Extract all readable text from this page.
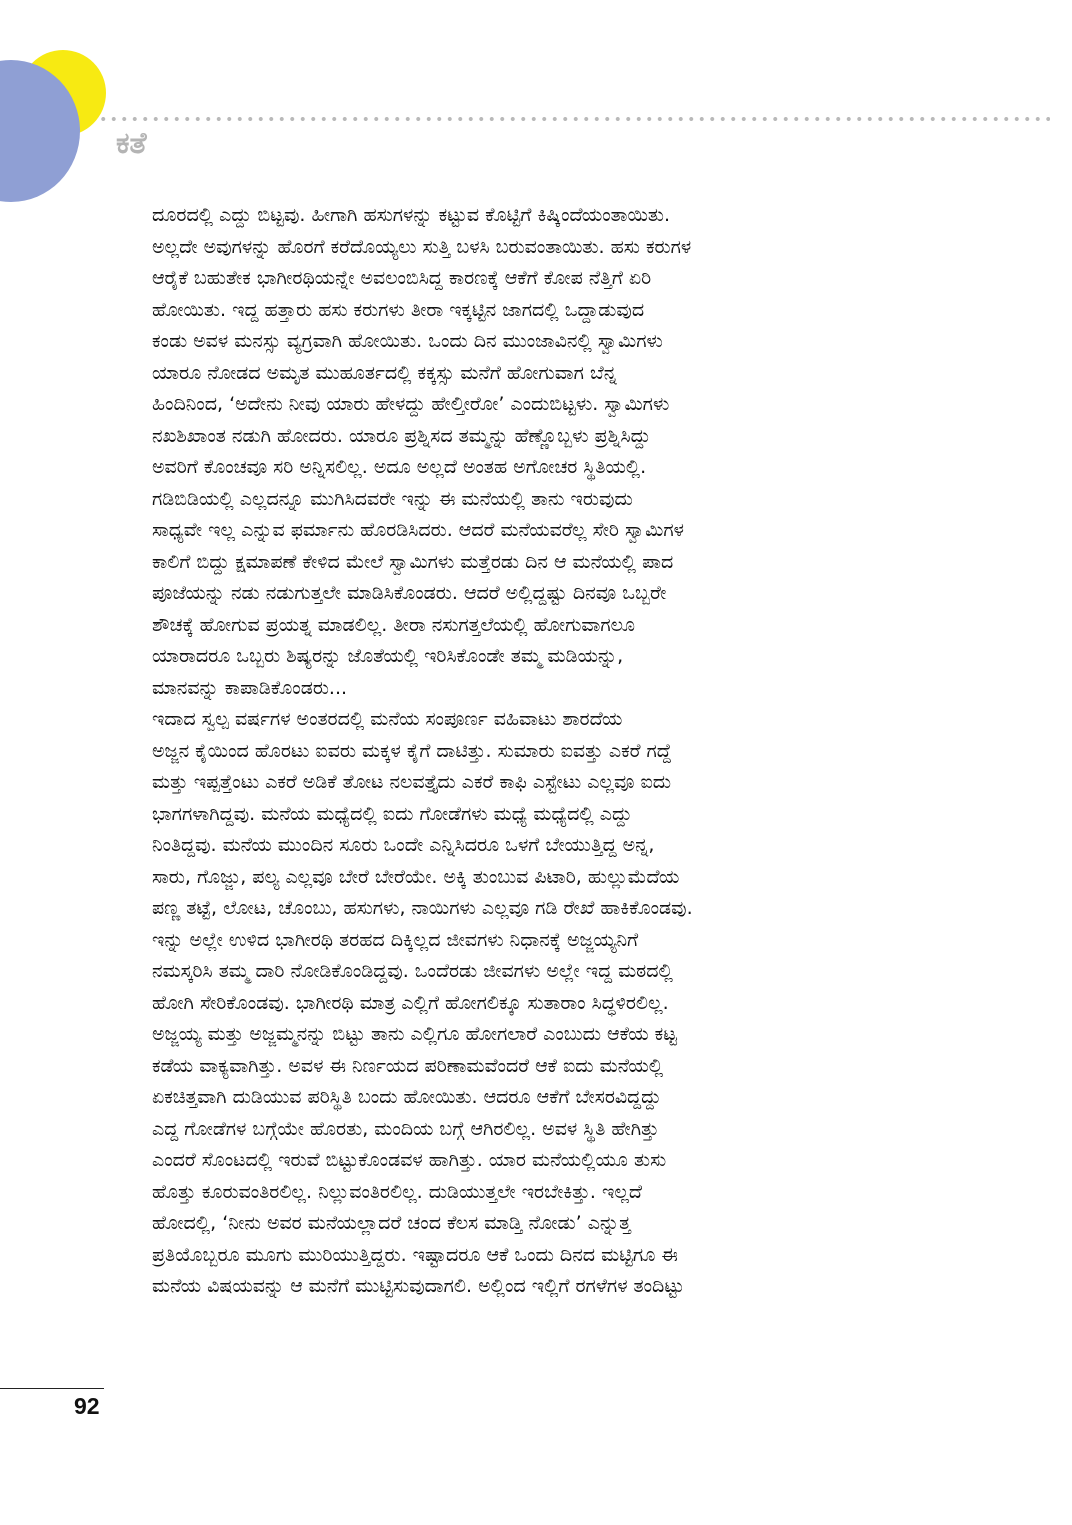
ಕತೆ
ದೂರದಲ್ಲಿ ಎದ್ದು ಬಿಟ್ಟವು. ಹೀಗಾಗಿ ಹಸುಗಳನ್ನು ಕಟ್ಟುವ ಕೊಟ್ಟಿಗೆ ಕಿಷ್ಕಿಂದೆಯಂತಾಯಿತು.
ಅಲ್ಲದೇ ಅವುಗಳನ್ನು ಹೊರಗೆ ಕರೆದೊಯ್ಯಲು ಸುತ್ತಿ ಬಳಸಿ ಬರುವಂತಾಯಿತು. ಹಸು ಕರುಗಳ
ಆರೈಕೆ ಬಹುತೇಕ ಭಾಗೀರಥಿಯನ್ನೇ ಅವಲಂಬಿಸಿದ್ದ ಕಾರಣಕ್ಕೆ ಆಕೆಗೆ ಕೋಪ ನೆತ್ತಿಗೆ ಏರಿ
ಹೋಯಿತು. ಇದ್ದ ಹತ್ತಾರು ಹಸು ಕರುಗಳು ತೀರಾ ಇಕ್ಕಟ್ಟಿನ ಜಾಗದಲ್ಲಿ ಒದ್ದಾಡುವುದ
ಕಂಡು ಅವಳ ಮನಸ್ಸು ವ್ಯಗ್ರವಾಗಿ ಹೋಯಿತು. ಒಂದು ದಿನ ಮುಂಜಾವಿನಲ್ಲಿ ಸ್ವಾಮಿಗಳು
ಯಾರೂ ನೋಡದ ಅಮೃತ ಮುಹೂರ್ತದಲ್ಲಿ ಕಕ್ಕಸ್ಸು ಮನೆಗೆ ಹೋಗುವಾಗ ಬೆನ್ನ
ಹಿಂದಿನಿಂದ, ‘ಅದೇನು ನೀವು ಯಾರು ಹೇಳದ್ದು ಹೇಲ್ತೀರೋ’ ಎಂದುಬಿಟ್ಟಳು. ಸ್ವಾಮಿಗಳು
ನಖಶಿಖಾಂತ ನಡುಗಿ ಹೋದರು. ಯಾರೂ ಪ್ರಶ್ನಿಸದ ತಮ್ಮನ್ನು ಹೆಣ್ಣೊಬ್ಬಳು ಪ್ರಶ್ನಿಸಿದ್ದು
ಅವರಿಗೆ ಕೊಂಚವೂ ಸರಿ ಅನ್ನಿಸಲಿಲ್ಲ. ಅದೂ ಅಲ್ಲದೆ ಅಂತಹ ಅಗೋಚರ ಸ್ಥಿತಿಯಲ್ಲಿ.
ಗಡಿಬಿಡಿಯಲ್ಲಿ ಎಲ್ಲದನ್ನೂ ಮುಗಿಸಿದವರೇ ಇನ್ನು ಈ ಮನೆಯಲ್ಲಿ ತಾನು ಇರುವುದು
ಸಾಧ್ಯವೇ ಇಲ್ಲ ಎನ್ನುವ ಫರ್ಮಾನು ಹೊರಡಿಸಿದರು. ಆದರೆ ಮನೆಯವರೆಲ್ಲ ಸೇರಿ ಸ್ವಾಮಿಗಳ
ಕಾಲಿಗೆ ಬಿದ್ದು ಕ್ಷಮಾಪಣೆ ಕೇಳಿದ ಮೇಲೆ ಸ್ವಾಮಿಗಳು ಮತ್ತೆರಡು ದಿನ ಆ ಮನೆಯಲ್ಲಿ ಪಾದ
ಪೂಜೆಯನ್ನು ನಡು ನಡುಗುತ್ತಲೇ ಮಾಡಿಸಿಕೊಂಡರು. ಆದರೆ ಅಲ್ಲಿದ್ದಷ್ಟು ದಿನವೂ ಒಬ್ಬರೇ
ಶೌಚಕ್ಕೆ ಹೋಗುವ ಪ್ರಯತ್ನ ಮಾಡಲಿಲ್ಲ. ತೀರಾ ನಸುಗತ್ತಲೆಯಲ್ಲಿ ಹೋಗುವಾಗಲೂ
ಯಾರಾದರೂ ಒಬ್ಬರು ಶಿಷ್ಯರನ್ನು ಜೊತೆಯಲ್ಲಿ ಇರಿಸಿಕೊಂಡೇ ತಮ್ಮ ಮಡಿಯನ್ನು,
ಮಾನವನ್ನು ಕಾಪಾಡಿಕೊಂಡರು...
ಇದಾದ ಸ್ವಲ್ಪ ವರ್ಷಗಳ ಅಂತರದಲ್ಲಿ ಮನೆಯ ಸಂಪೂರ್ಣ ವಹಿವಾಟು ಶಾರದೆಯ
ಅಜ್ಜನ ಕೈಯಿಂದ ಹೊರಟು ಐವರು ಮಕ್ಕಳ ಕೈಗೆ ದಾಟಿತ್ತು. ಸುಮಾರು ಐವತ್ತು ಎಕರೆ ಗದ್ದೆ
ಮತ್ತು ಇಪ್ಪತ್ತೆಂಟು ಎಕರೆ ಅಡಿಕೆ ತೋಟ ನಲವತ್ತೈದು ಎಕರೆ ಕಾಫಿ ಎಸ್ಟೇಟು ಎಲ್ಲವೂ ಐದು
ಭಾಗಗಳಾಗಿದ್ದವು. ಮನೆಯ ಮಧ್ಯೆದಲ್ಲಿ ಐದು ಗೋಡೆಗಳು ಮಧ್ಯೆ ಮಧ್ಯೆದಲ್ಲಿ ಎದ್ದು
ನಿಂತಿದ್ದವು. ಮನೆಯ ಮುಂದಿನ ಸೂರು ಒಂದೇ ಎನ್ನಿಸಿದರೂ ಒಳಗೆ ಬೇಯುತ್ತಿದ್ದ ಅನ್ನ,
ಸಾರು, ಗೊಜ್ಜು, ಪಲ್ಯ ಎಲ್ಲವೂ ಬೇರೆ ಬೇರೆಯೇ. ಅಕ್ಕಿ ತುಂಬುವ ಪಿಟಾರಿ, ಹುಲ್ಲುಮೆದೆಯ
ಪಣ್ಣ ತಟ್ಟೆ, ಲೋಟ, ಚೊಂಬು, ಹಸುಗಳು, ನಾಯಿಗಳು ಎಲ್ಲವೂ ಗಡಿ ರೇಖೆ ಹಾಕಿಕೊಂಡವು.
ಇನ್ನು ಅಲ್ಲೇ ಉಳಿದ ಭಾಗೀರಥಿ ತರಹದ ದಿಕ್ಕಿಲ್ಲದ ಜೀವಗಳು ನಿಧಾನಕ್ಕೆ ಅಜ್ಜಯ್ಯನಿಗೆ
ನಮಸ್ಕರಿಸಿ ತಮ್ಮ ದಾರಿ ನೋಡಿಕೊಂಡಿದ್ದವು. ಒಂದೆರಡು ಜೀವಗಳು ಅಲ್ಲೇ ಇದ್ದ ಮಠದಲ್ಲಿ
ಹೋಗಿ ಸೇರಿಕೊಂಡವು. ಭಾಗೀರಥಿ ಮಾತ್ರ ಎಲ್ಲಿಗೆ ಹೋಗಲಿಕ್ಕೂ ಸುತಾರಾಂ ಸಿದ್ಧಳಿರಲಿಲ್ಲ.
ಅಜ್ಜಯ್ಯ ಮತ್ತು ಅಜ್ಜಮ್ಮನನ್ನು ಬಿಟ್ಟು ತಾನು ಎಲ್ಲಿಗೂ ಹೋಗಲಾರೆ ಎಂಬುದು ಆಕೆಯ ಕಟ್ಟ
ಕಡೆಯ ವಾಕ್ಯವಾಗಿತ್ತು. ಅವಳ ಈ ನಿರ್ಣಯದ ಪರಿಣಾಮವೆಂದರೆ ಆಕೆ ಐದು ಮನೆಯಲ್ಲಿ
ಏಕಚಿತ್ತವಾಗಿ ದುಡಿಯುವ ಪರಿಸ್ಥಿತಿ ಬಂದು ಹೋಯಿತು. ಆದರೂ ಆಕೆಗೆ ಬೇಸರವಿದ್ದದ್ದು
ಎದ್ದ ಗೋಡೆಗಳ ಬಗ್ಗೆಯೇ ಹೊರತು, ಮಂದಿಯ ಬಗ್ಗೆ ಆಗಿರಲಿಲ್ಲ. ಅವಳ ಸ್ಥಿತಿ ಹೇಗಿತ್ತು
ಎಂದರೆ ಸೊಂಟದಲ್ಲಿ ಇರುವೆ ಬಿಟ್ಟುಕೊಂಡವಳ ಹಾಗಿತ್ತು. ಯಾರ ಮನೆಯಲ್ಲಿಯೂ ತುಸು
ಹೊತ್ತು ಕೂರುವಂತಿರಲಿಲ್ಲ. ನಿಲ್ಲುವಂತಿರಲಿಲ್ಲ. ದುಡಿಯುತ್ತಲೇ ಇರಬೇಕಿತ್ತು. ಇಲ್ಲದೆ
ಹೋದಲ್ಲಿ, ‘ನೀನು ಅವರ ಮನೆಯಲ್ಲಾದರೆ ಚಂದ ಕೆಲಸ ಮಾಡ್ತಿ ನೋಡು’ ಎನ್ನುತ್ತ
ಪ್ರತಿಯೊಬ್ಬರೂ ಮೂಗು ಮುರಿಯುತ್ತಿದ್ದರು. ಇಷ್ಟಾದರೂ ಆಕೆ ಒಂದು ದಿನದ ಮಟ್ಟಿಗೂ ಈ
ಮನೆಯ ವಿಷಯವನ್ನು ಆ ಮನೆಗೆ ಮುಟ್ಟಿಸುವುದಾಗಲಿ. ಅಲ್ಲಿಂದ ಇಲ್ಲಿಗೆ ರಗಳೆಗಳ ತಂದಿಟ್ಟು
92
